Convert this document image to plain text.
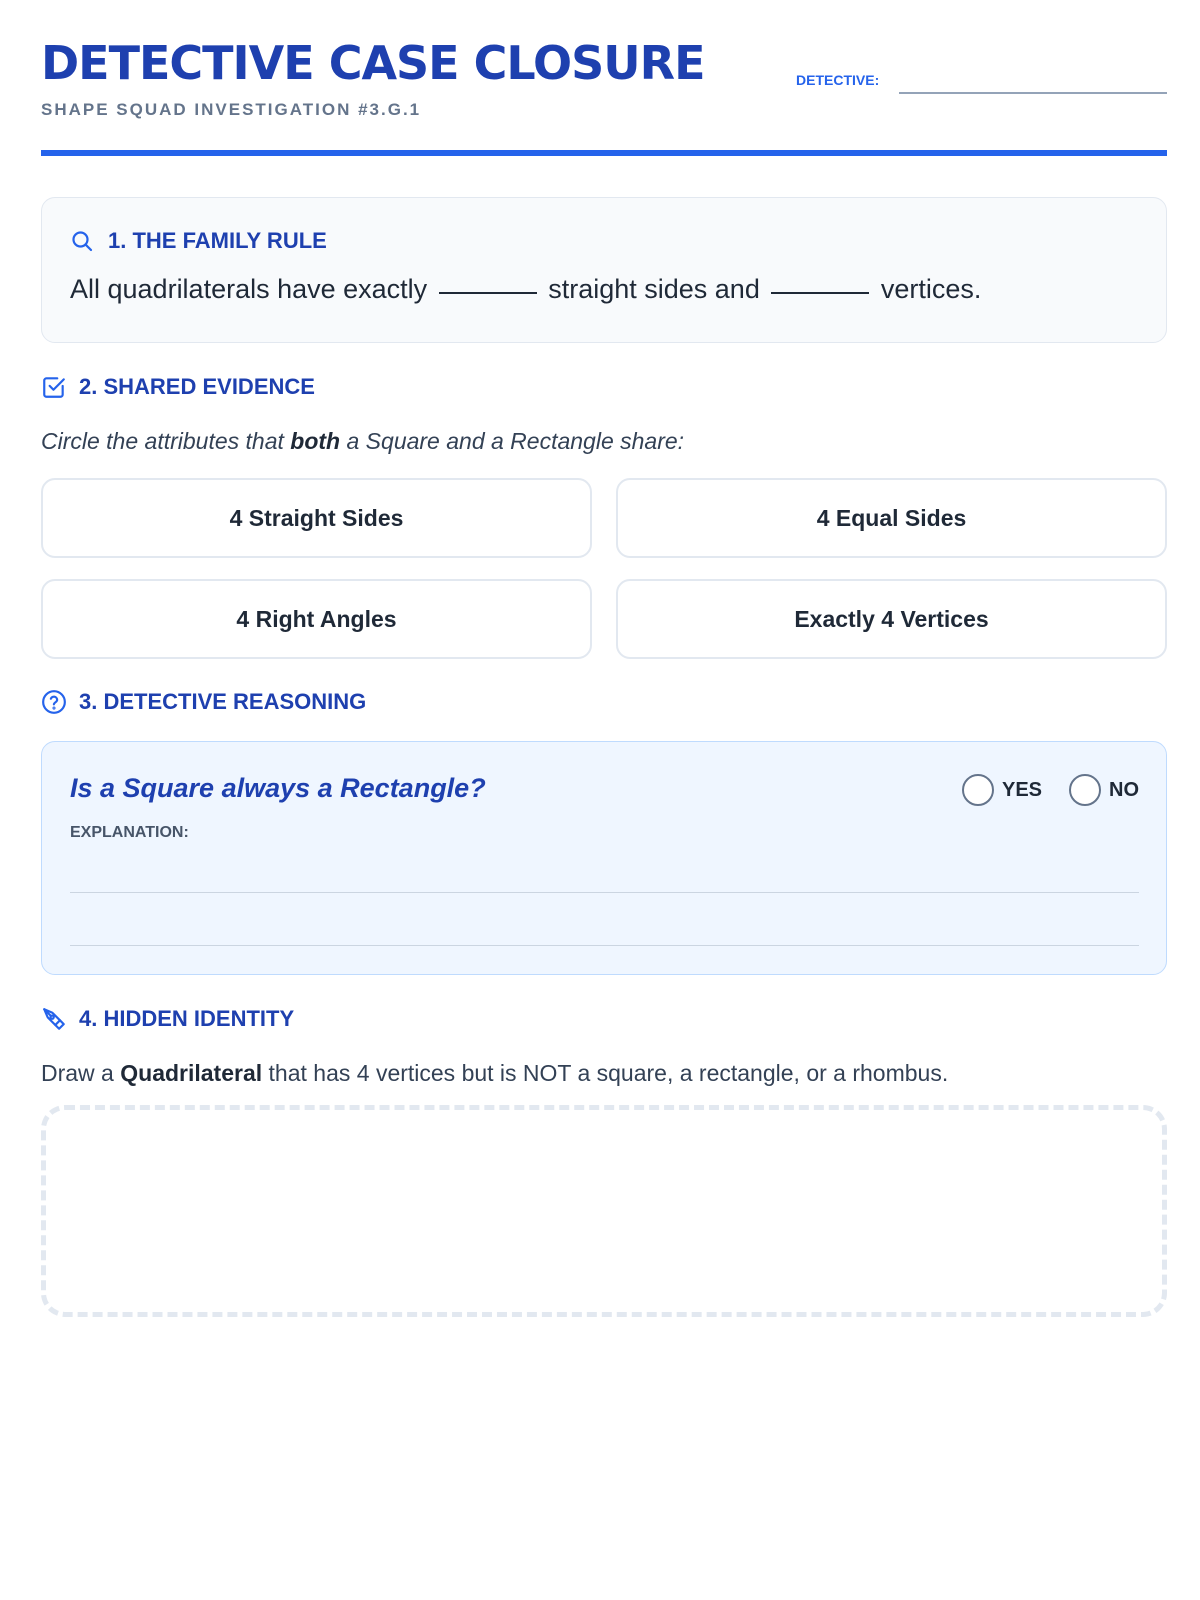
DETECTIVE CASE CLOSURE
SHAPE SQUAD INVESTIGATION #3.G.1
DETECTIVE:
1. THE FAMILY RULE
All quadrilaterals have exactly	straight sides and	vertices.
2. SHARED EVIDENCE
Circle the attributes that both a Square and a Rectangle share:
4 Straight Sides	4 Equal Sides
4 Right Angles	Exactly 4 Vertices
3. DETECTIVE REASONING
Is a Square always a Rectangle?	YES	NO
EXPLANATION:
4. HIDDEN IDENTITY
Draw a Quadrilateral that has 4 vertices but is NOT a square, a rectangle, or a rhombus.
